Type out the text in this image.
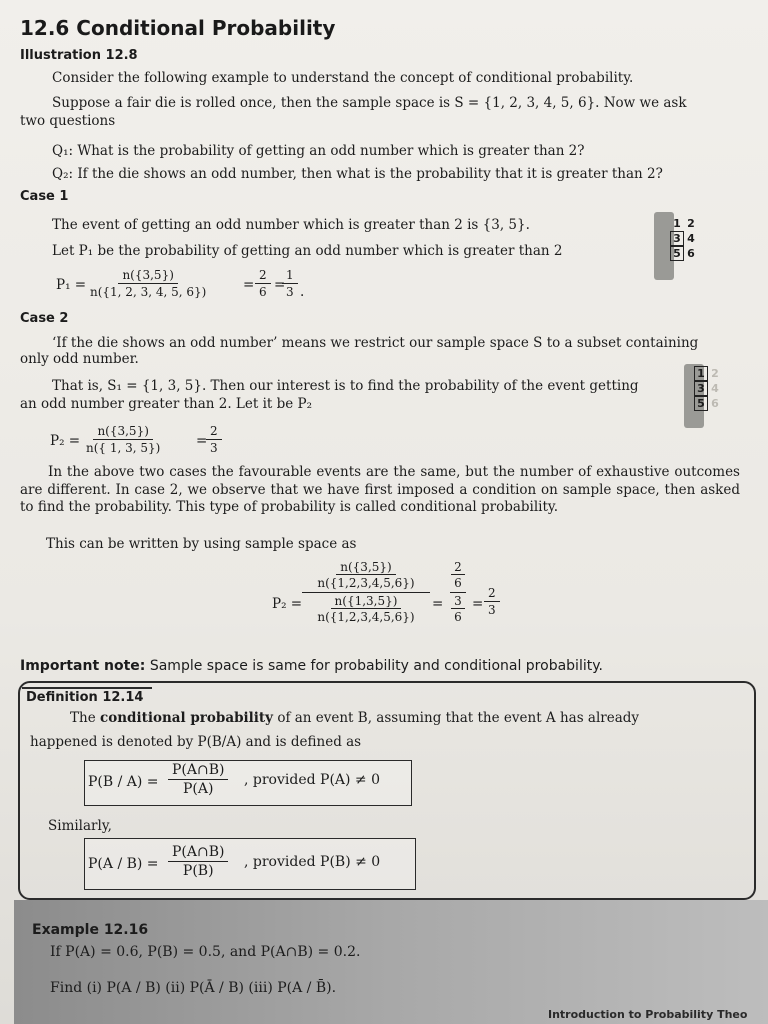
12.6 Conditional Probability
Illustration 12.8
Consider the following example to understand the concept of conditional probability.
Suppose a fair die is rolled once, then the sample space is S = {1, 2, 3, 4, 5, 6}. Now we ask
two questions
Q₁: What is the probability of getting an odd number which is greater than 2?
Q₂: If the die shows an odd number, then what is the probability that it is greater than 2?
Case 1
The event of getting an odd number which is greater than 2 is {3, 5}.
Let P₁ be the probability of getting an odd number which is greater than 2
$P_1 = \frac{n(\{3,5\})}{n(\{1, 2, 3, 4, 5, 6\})} = \frac{2}{6}$ =
$\frac{1}{3}$ .
1 2
3 4
5 6
Case 2
‘If the die shows an odd number’ means we restrict our sample space S to a subset containing
only odd number.
That is, S₁ = {1, 3, 5}. Then our interest is to find the probability of the event getting
an odd number greater than 2. Let it be P₂
$P_2 = \frac{n(\{3,5\})}{n(\{ 1, 3, 5\})}$ =
$\frac{2}{3}$
1 2
3 4
5 6
In the above two cases the favourable events are the same, but the number of exhaustive outcomes are different. In case 2, we observe that we have first imposed a condition on sample space, then asked to find the probability. This type of probability is called conditional probability.
This can be written by using sample space as
P₂ =
n({3,5})
n({1,2,3,4,5,6})
n({1,3,5})
n({1,2,3,4,5,6})
=
2
6
3
6
= $\frac{2}{3}$
Important note: Sample space is same for probability and conditional probability.
Definition 12.14
The conditional probability of an event B, assuming that the event A has already
happened is denoted by P(B/A) and is defined as
$P(B / A) = \frac{P(A\cap B)}{P(A)}$ , provided P(A) ≠ 0
Similarly,
$P(A / B) = \frac{P(A\cap B)}{P(B)}$ , provided P(B) ≠ 0
Example 12.16
If P(A) = 0.6, P(B) = 0.5, and P(A∩B) = 0.2.
Find (i) P(A / B) (ii) P(Ā / B) (iii) P(A / B̄).
Introduction to Probability Theo
